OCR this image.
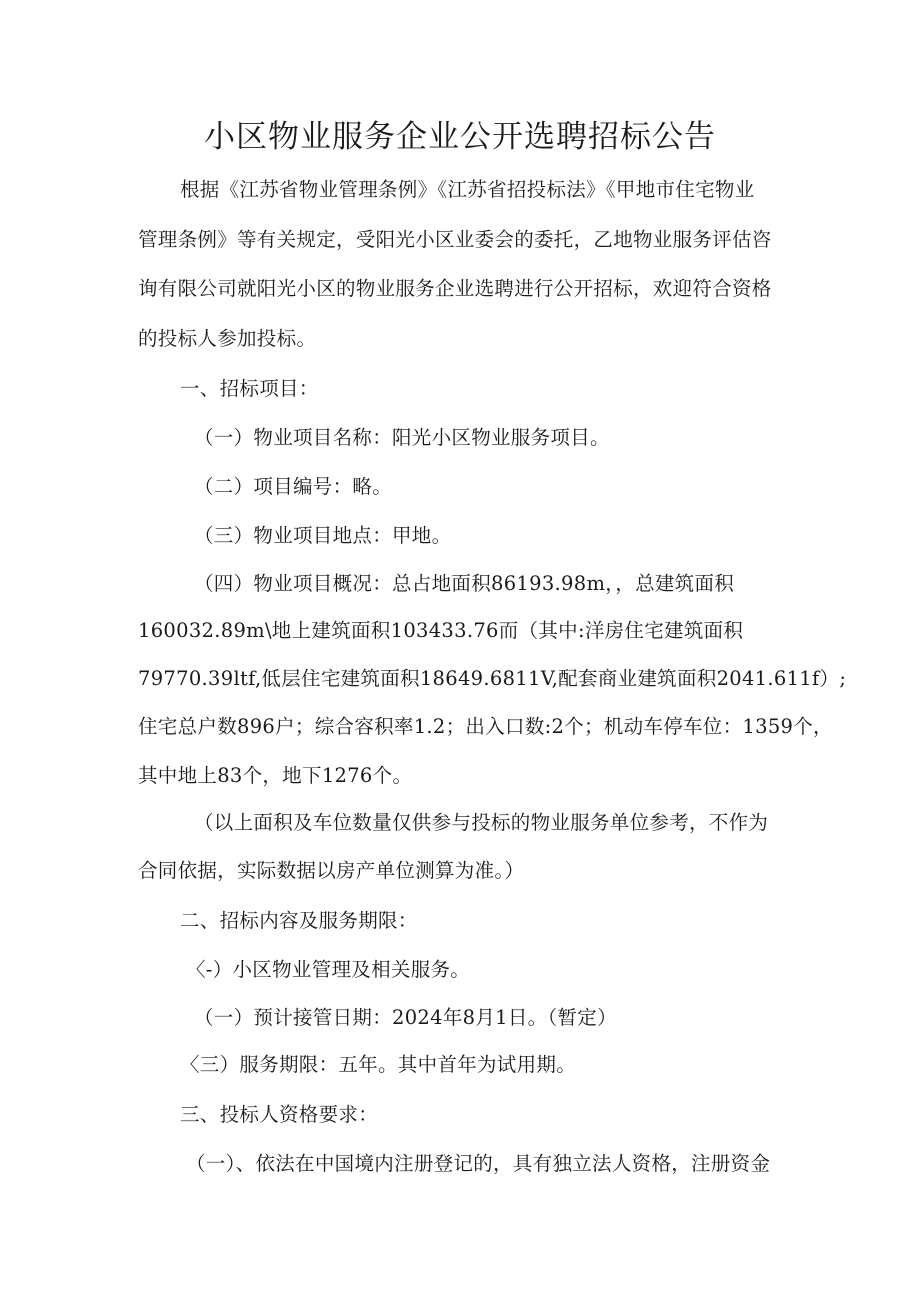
小区物业服务企业公开选聘招标公告
根据《江苏省物业管理条例》《江苏省招投标法》《甲地市住宅物业
管理条例》等有关规定，受阳光小区业委会的委托，乙地物业服务评估咨
询有限公司就阳光小区的物业服务企业选聘进行公开招标，欢迎符合资格
的投标人参加投标。
一、招标项目：
（一）物业项目名称：阳光小区物业服务项目。
（二）项目编号：略。
（三）物业项目地点：甲地。
（四）物业项目概况：总占地面积86193.98m，，总建筑面积
160032.89m\地上建筑面积103433.76而（其中:洋房住宅建筑面积
79770.39ltf,低层住宅建筑面积18649.6811V,配套商业建筑面积2041.611f）;
住宅总户数896户；综合容积率1.2；出入口数:2个；机动车停车位：1359个，
其中地上83个，地下1276个。
（以上面积及车位数量仅供参与投标的物业服务单位参考，不作为
合同依据，实际数据以房产单位测算为准。）
二、招标内容及服务期限：
〈-）小区物业管理及相关服务。
（一）预计接管日期：2024年8月1日。（暂定）
〈三）服务期限：五年。其中首年为试用期。
三、投标人资格要求：
（一）、依法在中国境内注册登记的，具有独立法人资格，注册资金
